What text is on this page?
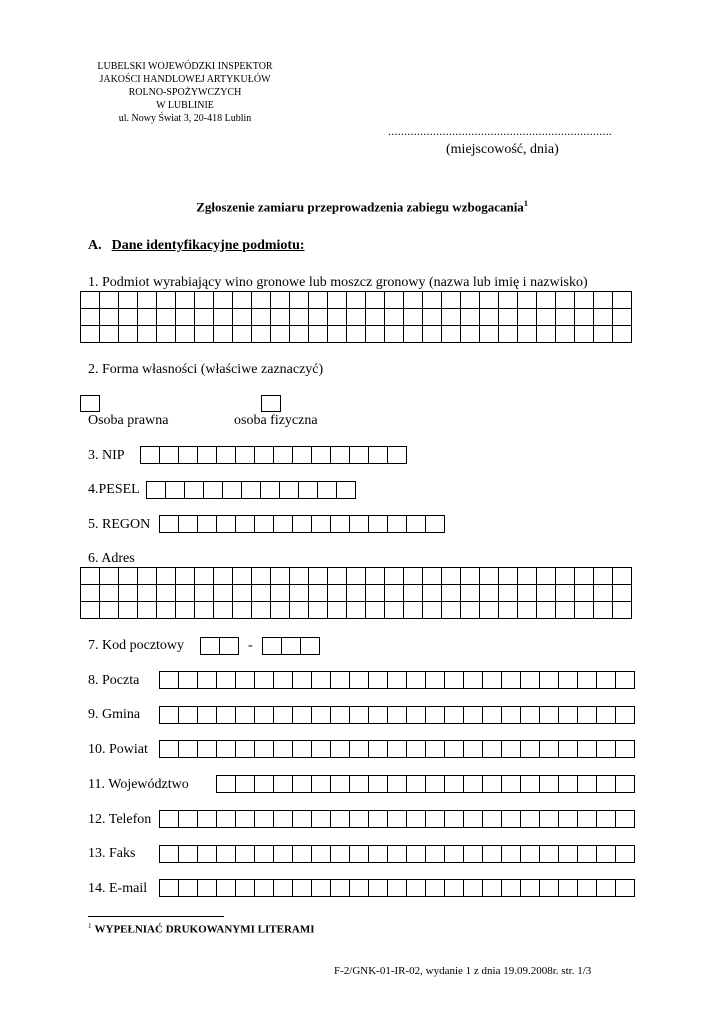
LUBELSKI WOJEWÓDZKI INSPEKTOR
JAKOŚCI HANDLOWEJ ARTYKUŁÓW
ROLNO-SPOŻYWCZYCH
W LUBLINIE
ul. Nowy Świat 3, 20-418 Lublin
......................................................................
(miejscowość, dnia)
Zgłoszenie zamiaru przeprowadzenia zabiegu wzbogacania$^1$
A. Dane identyfikacyjne podmiotu:
1. Podmiot wyrabiający wino gronowe lub moszcz gronowy (nazwa lub imię i nazwisko)

2. Forma własności (właściwe zaznaczyć)
Osoba prawna	osoba fizyczna
3. NIP

4.PESEL

5. REGON

6. Adres

7. Kod pocztowy
		-

8. Poczta

9. Gmina

10. Powiat

11. Województwo

12. Telefon

13. Faks

14. E-mail

$^1$ WYPEŁNIAĆ DRUKOWANYMI LITERAMI
F-2/GNK-01-IR-02, wydanie 1 z dnia 19.09.2008r. str. 1/3
